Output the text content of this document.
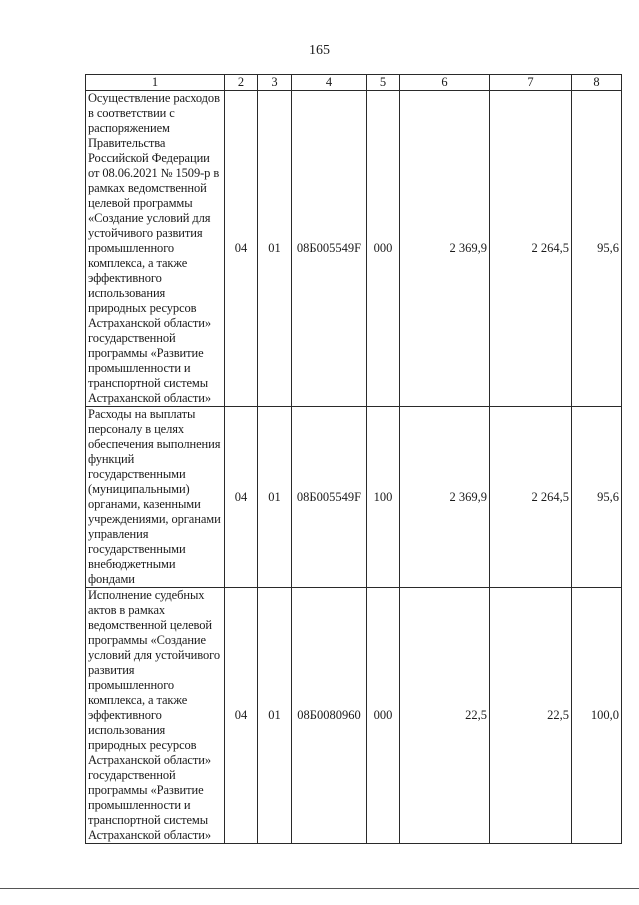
165
1	2	3	4	5	6	7	8
Осуществление расходов в соответствии с распоряжением Правительства Российской Федерации от 08.06.2021 № 1509-р в рамках ведомственной целевой программы «Создание условий для устойчивого развития промышленного комплекса, а также эффективного использования природных ресурсов Астраханской области» государственной программы «Развитие промышленности и транспортной системы Астраханской области»	04	01	08Б005549F	000	2 369,9	2 264,5	95,6
Расходы на выплаты персоналу в целях обеспечения выполнения функций государственными (муниципальными) органами, казенными учреждениями, органами управления государственными внебюджетными фондами	04	01	08Б005549F	100	2 369,9	2 264,5	95,6
Исполнение судебных актов в рамках ведомственной целевой программы «Создание условий для устойчивого развития промышленного комплекса, а также эффективного использования природных ресурсов Астраханской области» государственной программы «Развитие промышленности и транспортной системы Астраханской области»	04	01	08Б0080960	000	22,5	22,5	100,0
